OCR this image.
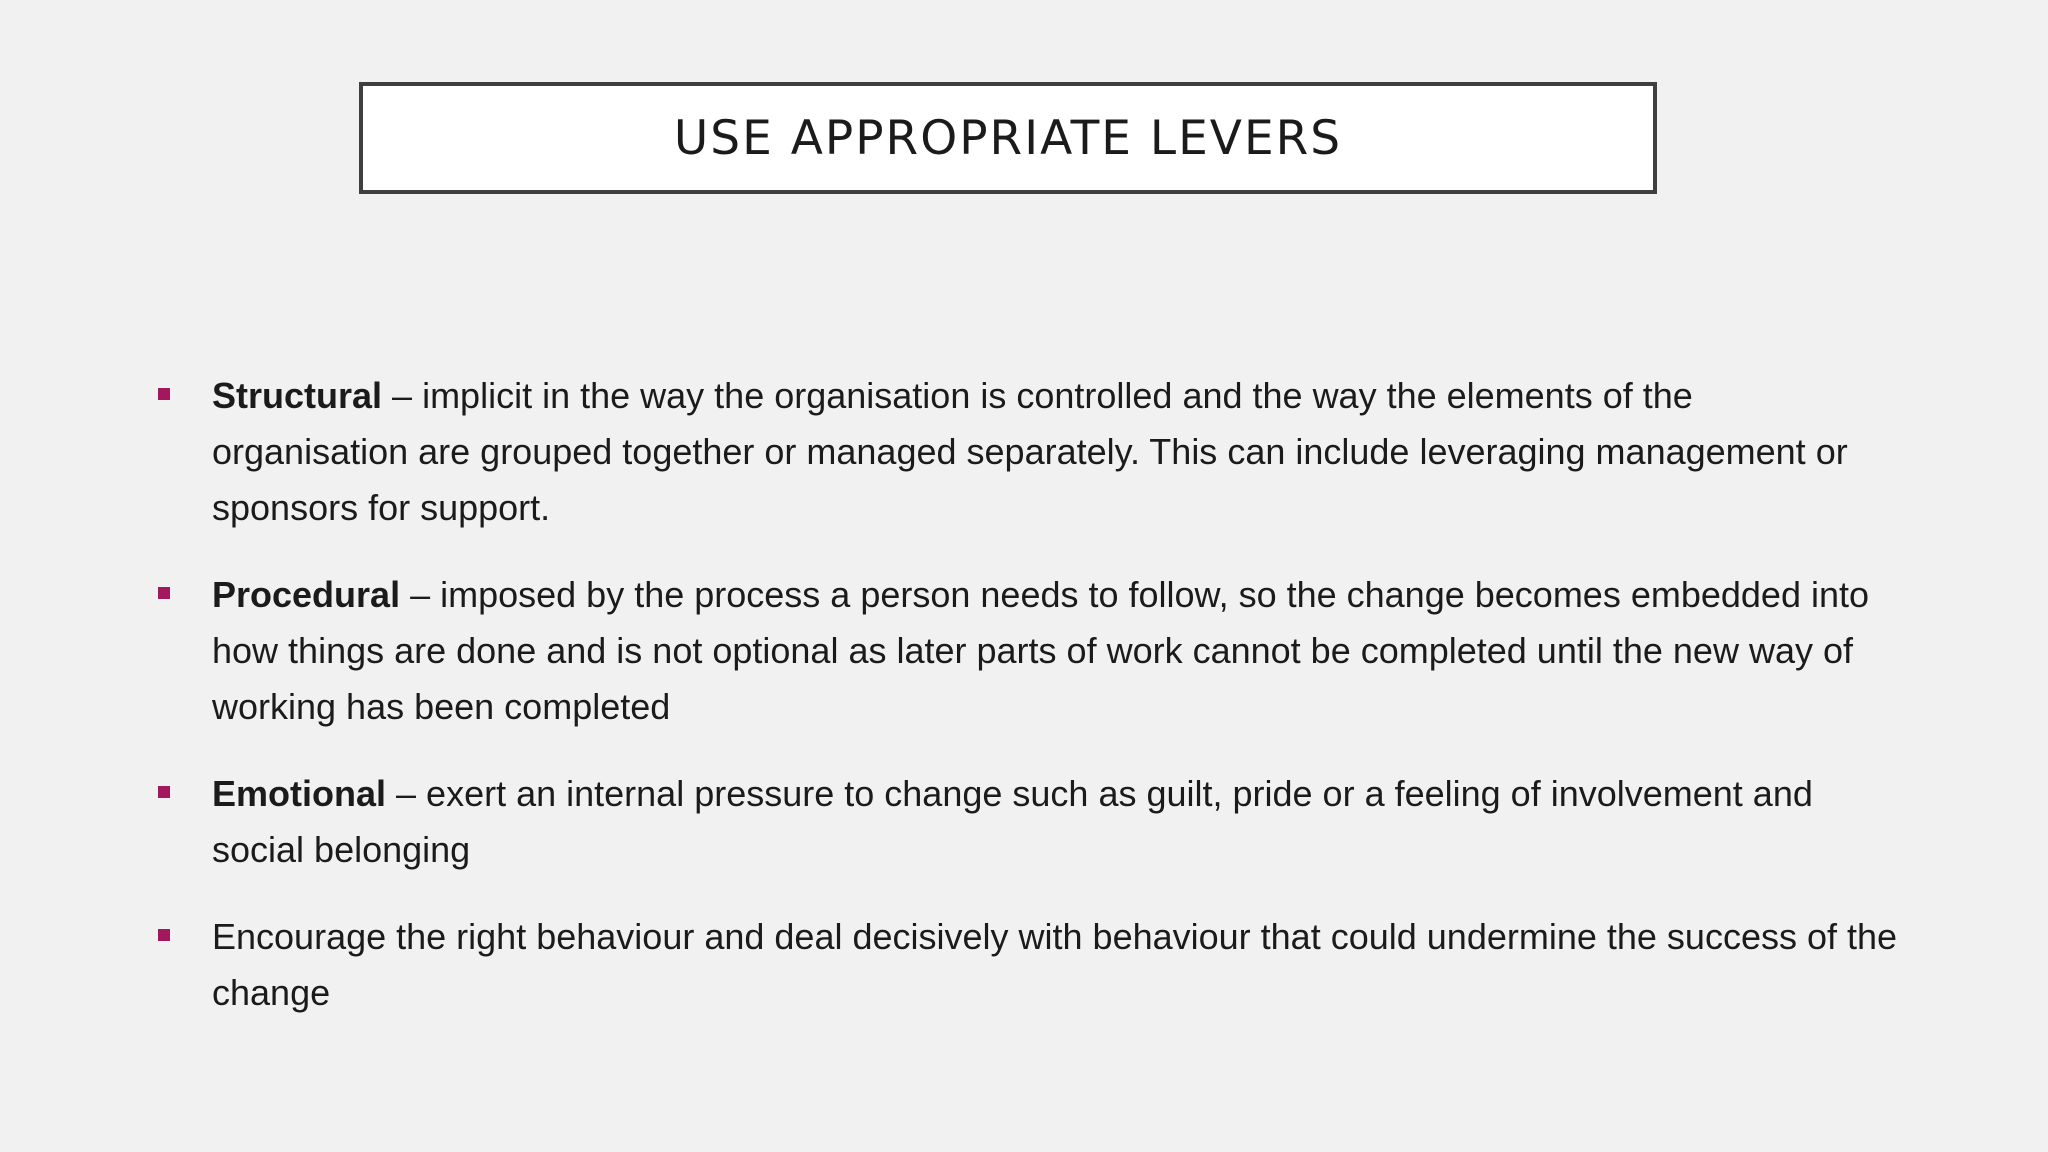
USE APPROPRIATE LEVERS
Structural – implicit in the way the organisation is controlled and the way the elements of the organisation are grouped together or managed separately. This can include leveraging management or sponsors for support.
Procedural – imposed by the process a person needs to follow, so the change becomes embedded into how things are done and is not optional as later parts of work cannot be completed until the new way of working has been completed
Emotional – exert an internal pressure to change such as guilt, pride or a feeling of involvement and social belonging
Encourage the right behaviour and deal decisively with behaviour that could undermine the success of the change
